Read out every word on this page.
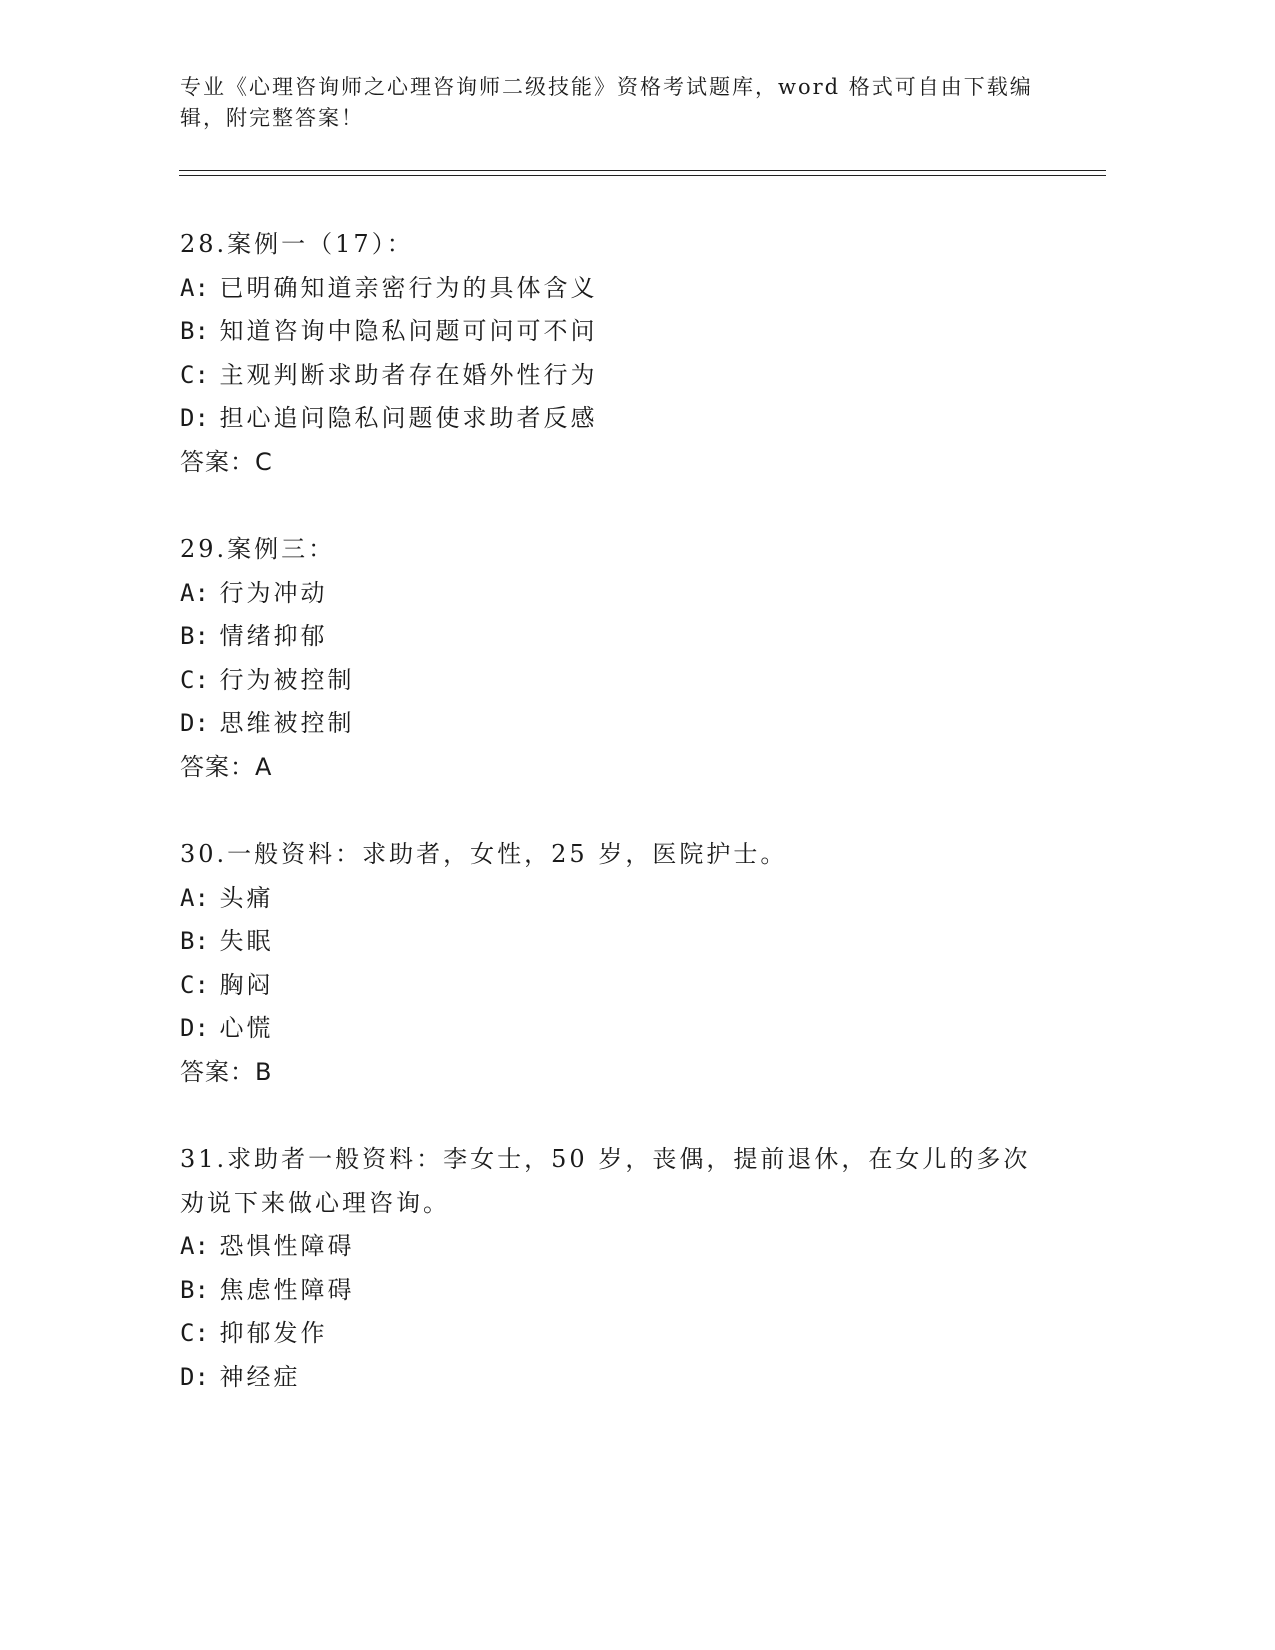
专业《心理咨询师之心理咨询师二级技能》资格考试题库，word 格式可自由下载编辑，附完整答案！
28.案例一（17）：
A: 已明确知道亲密行为的具体含义
B: 知道咨询中隐私问题可问可不问
C: 主观判断求助者存在婚外性行为
D: 担心追问隐私问题使求助者反感
答案：C
29.案例三：
A: 行为冲动
B: 情绪抑郁
C: 行为被控制
D: 思维被控制
答案：A
30.一般资料：求助者，女性，25 岁，医院护士。
A: 头痛
B: 失眠
C: 胸闷
D: 心慌
答案：B
31.求助者一般资料：李女士，50 岁，丧偶，提前退休，在女儿的多次劝说下来做心理咨询。
A: 恐惧性障碍
B: 焦虑性障碍
C: 抑郁发作
D: 神经症
